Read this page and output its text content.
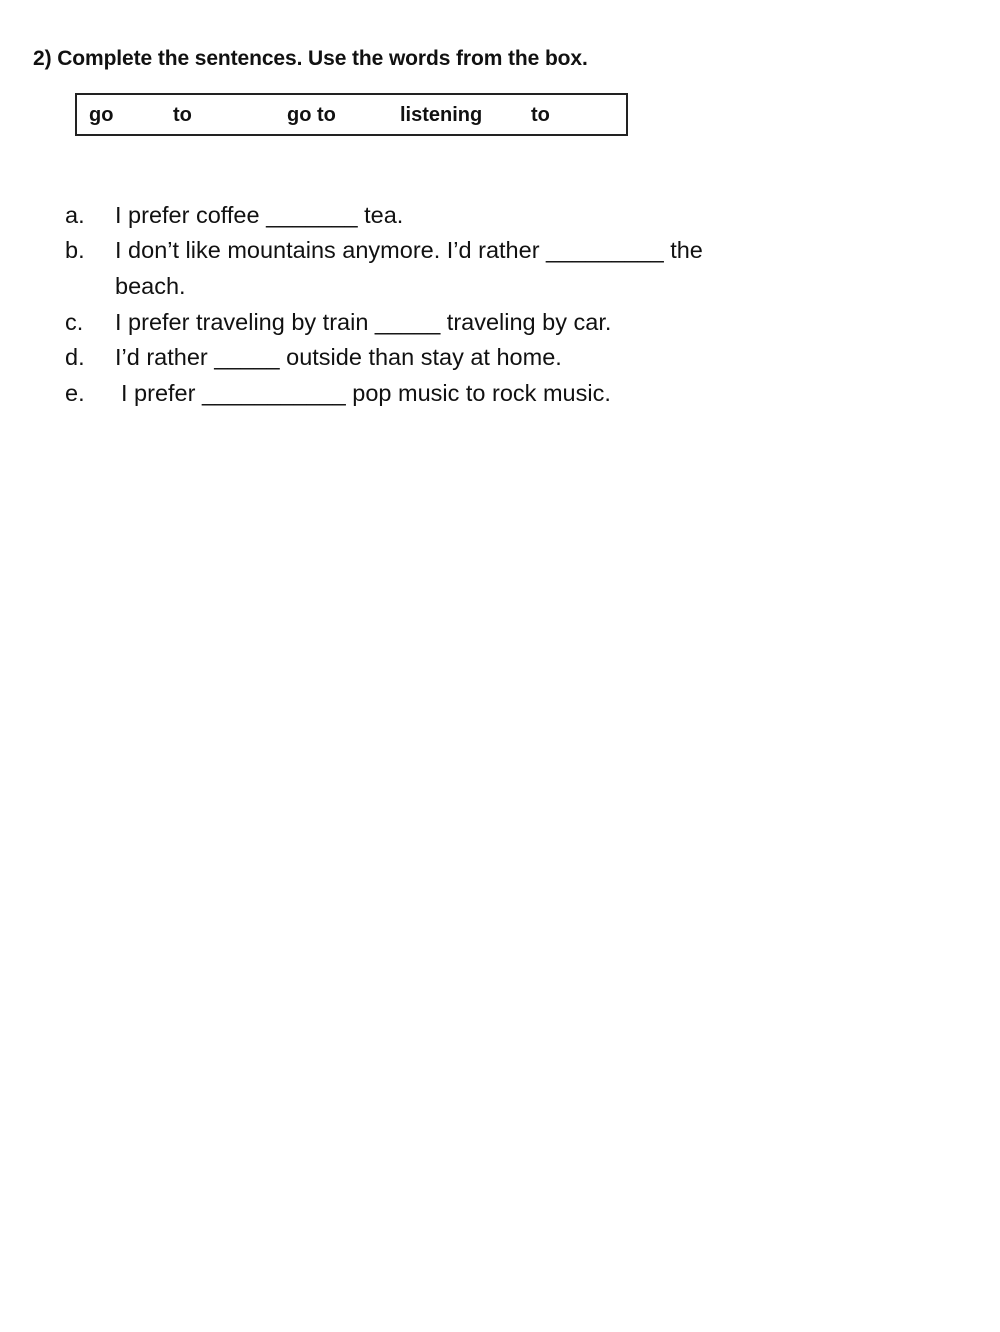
2) Complete the sentences. Use the words from the box.
go	to	go to	listening to
a. I prefer coffee _______ tea.
b. I don’t like mountains anymore. I’d rather _________ the
beach.
c. I prefer traveling by train _____ traveling by car.
d. I’d rather _____ outside than stay at home.
e. I prefer ___________ pop music to rock music.
